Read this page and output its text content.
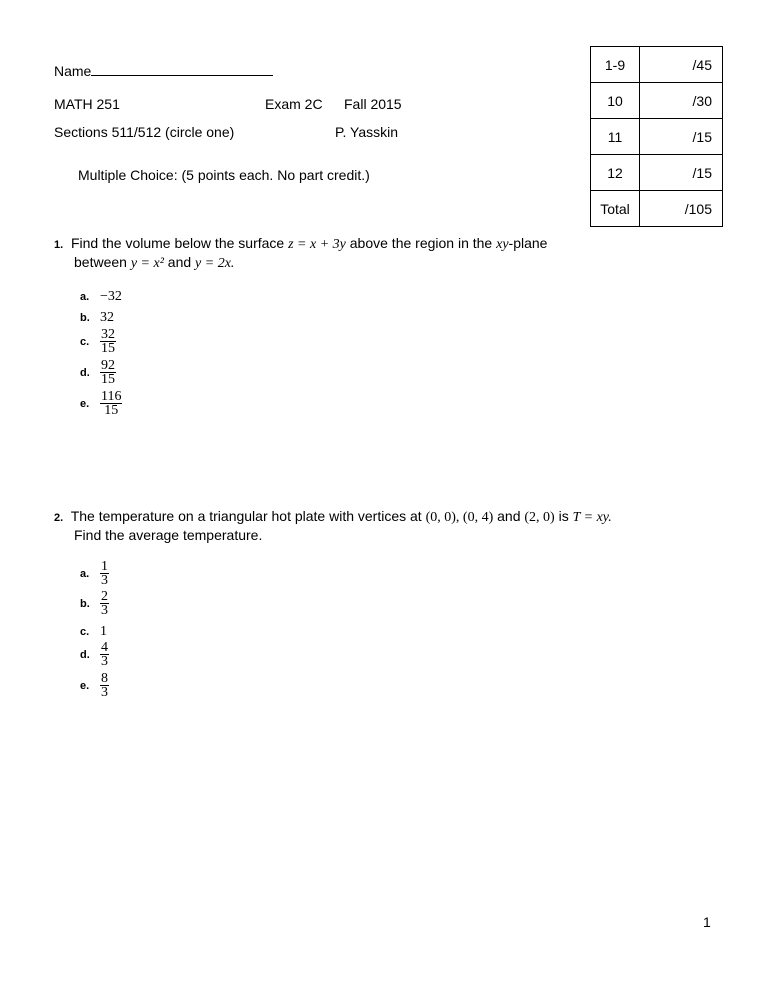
Name
MATH 251	Exam 2C Fall 2015
Sections 511/512 (circle one)	P. Yasskin
Multiple Choice: (5 points each. No part credit.)
1-9	/45
10	/30
11	/15
12	/15
Total	/105
1. Find the volume below the surface z = x + 3y above the region in the xy-plane
between y = x² and y = 2x.
a. −32
b. 32
c. $\frac{32}{15}$
d. $\frac{92}{15}$
e. $\frac{116}{15}$
2. The temperature on a triangular hot plate with vertices at (0, 0), (0, 4) and (2, 0) is T = xy.
Find the average temperature.
a. $\frac{1}{3}$
b. $\frac{2}{3}$
c. 1
d. $\frac{4}{3}$
e. $\frac{8}{3}$
1
